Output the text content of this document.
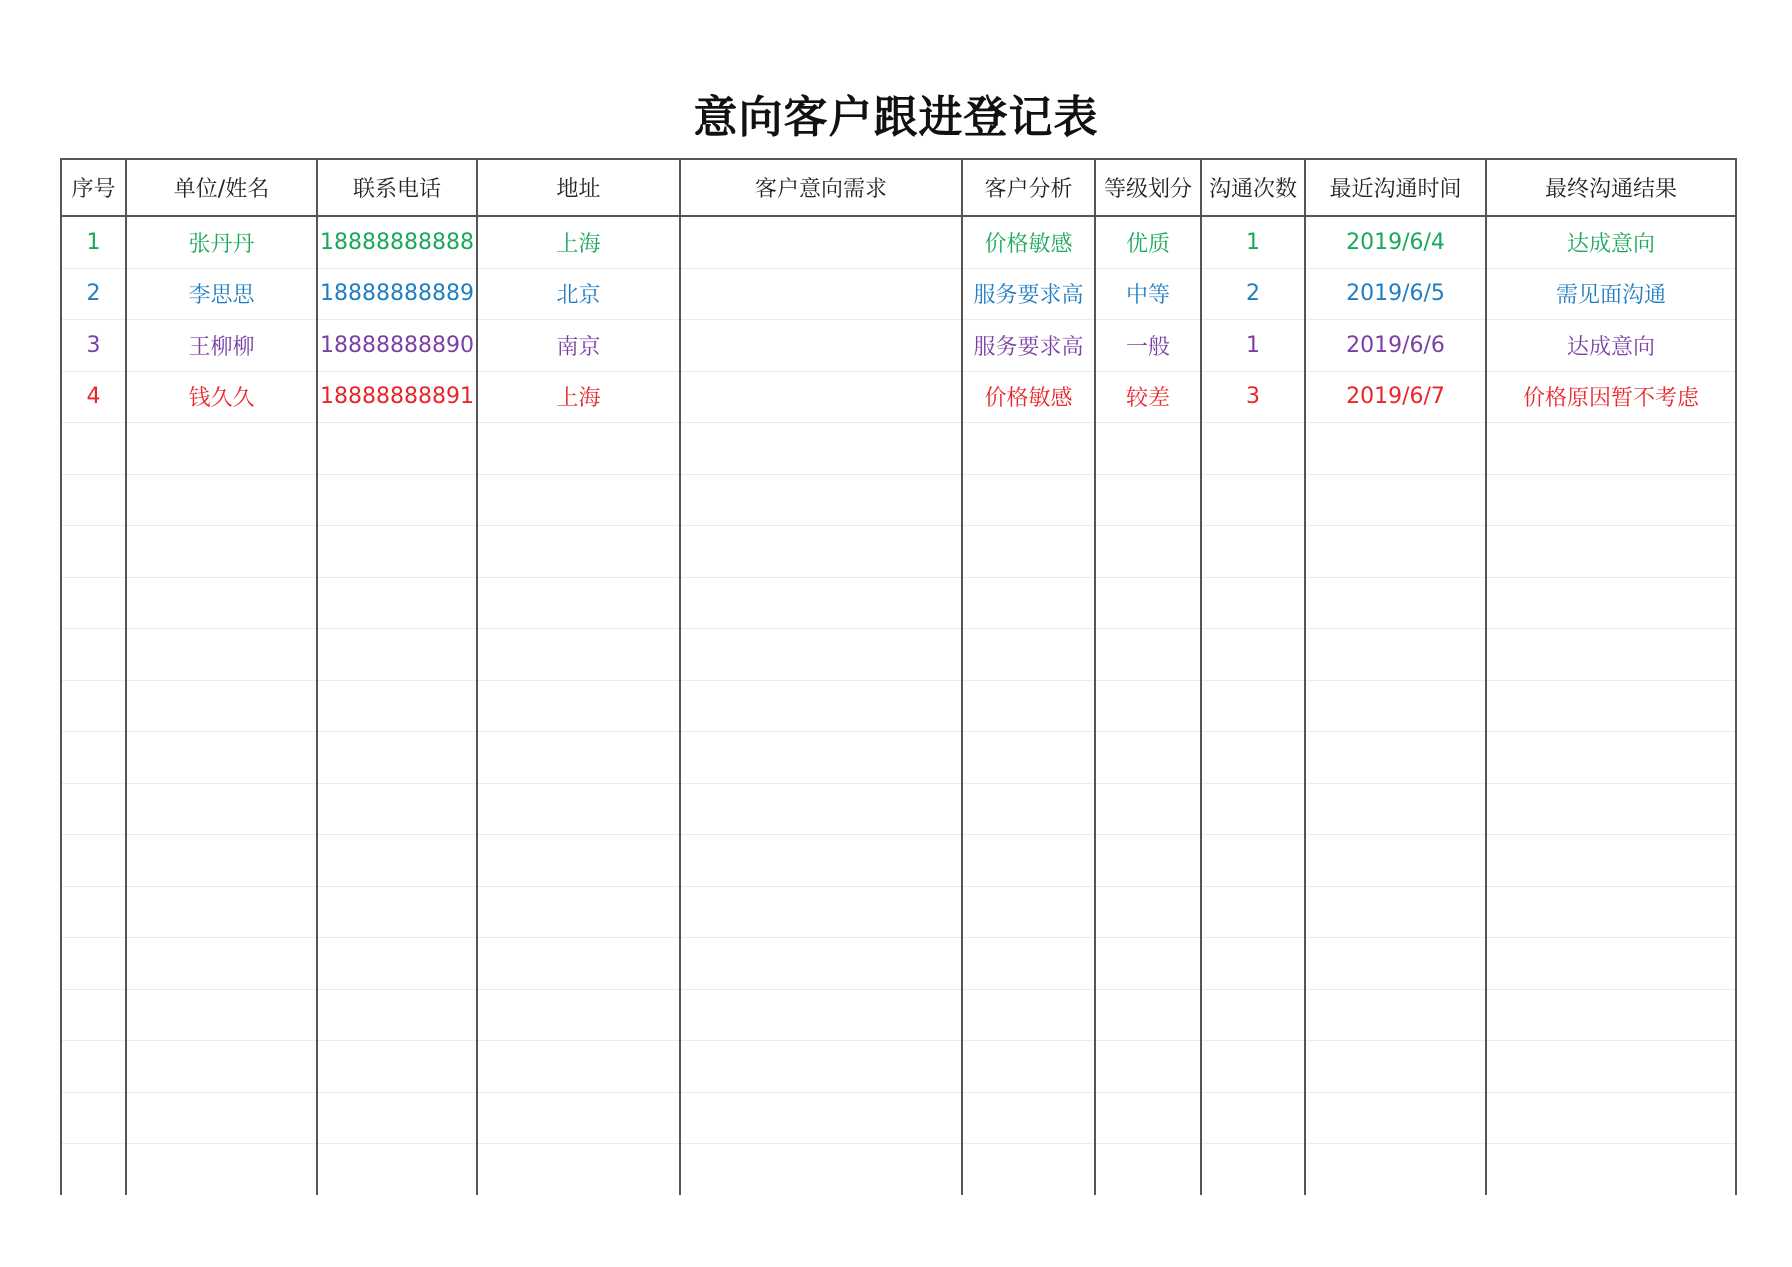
意向客户跟进登记表
序号	单位/姓名	联系电话	地址	客户意向需求	客户分析	等级划分	沟通次数	最近沟通时间	最终沟通结果
1	张丹丹	18888888888	上海		价格敏感	优质	1	2019/6/4	达成意向
2	李思思	18888888889	北京		服务要求高	中等	2	2019/6/5	需见面沟通
3	王柳柳	18888888890	南京		服务要求高	一般	1	2019/6/6	达成意向
4	钱久久	18888888891	上海		价格敏感	较差	3	2019/6/7	价格原因暂不考虑
